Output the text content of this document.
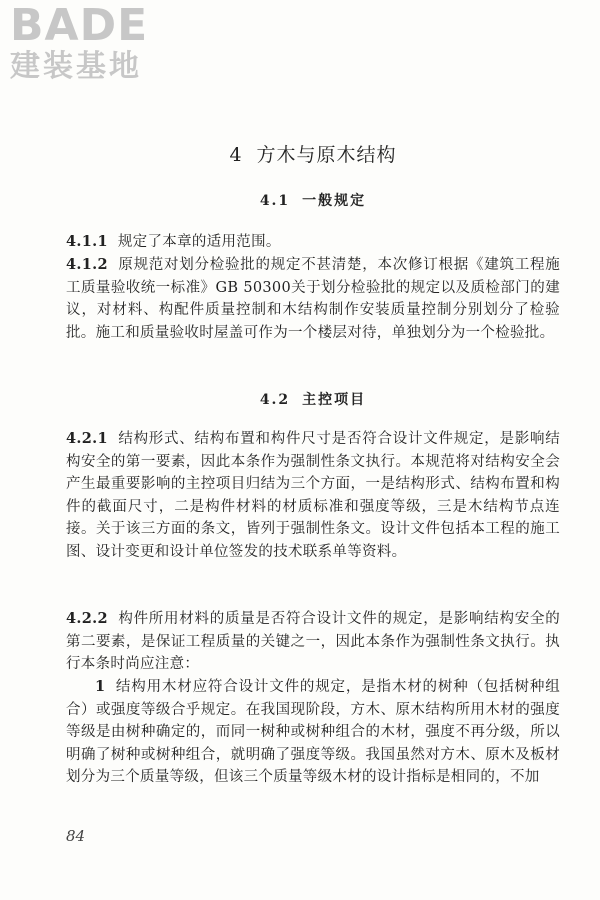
BADE
建装基地
4 方木与原木结构
4.1 一般规定
4.1.1 规定了本章的适用范围。
4.1.2 原规范对划分检验批的规定不甚清楚，本次修订根据《建筑工程施工质量验收统一标准》GB 50300关于划分检验批的规定以及质检部门的建议，对材料、构配件质量控制和木结构制作安装质量控制分别划分了检验批。施工和质量验收时屋盖可作为一个楼层对待，单独划分为一个检验批。
4.2 主控项目
4.2.1 结构形式、结构布置和构件尺寸是否符合设计文件规定，是影响结构安全的第一要素，因此本条作为强制性条文执行。本规范将对结构安全会产生最重要影响的主控项目归结为三个方面，一是结构形式、结构布置和构件的截面尺寸，二是构件材料的材质标准和强度等级，三是木结构节点连接。关于该三方面的条文，皆列于强制性条文。设计文件包括本工程的施工图、设计变更和设计单位签发的技术联系单等资料。
4.2.2 构件所用材料的质量是否符合设计文件的规定，是影响结构安全的第二要素，是保证工程质量的关键之一，因此本条作为强制性条文执行。执行本条时尚应注意：
1 结构用木材应符合设计文件的规定，是指木材的树种（包括树种组合）或强度等级合乎规定。在我国现阶段，方木、原木结构所用木材的强度等级是由树种确定的，而同一树种或树种组合的木材，强度不再分级，所以明确了树种或树种组合，就明确了强度等级。我国虽然对方木、原木及板材划分为三个质量等级，但该三个质量等级木材的设计指标是相同的，不加
84
